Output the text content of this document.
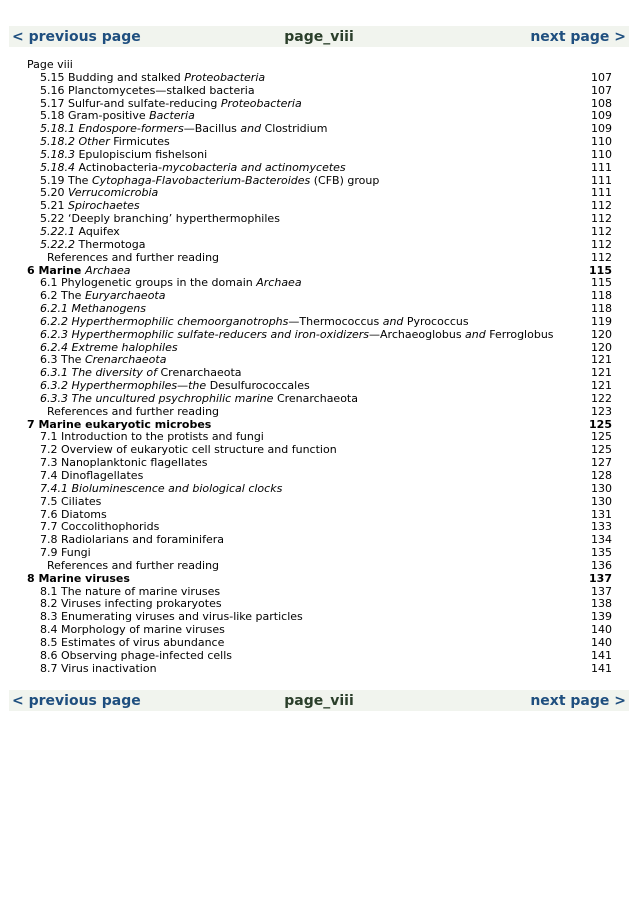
< previous page	page_viii	next page >
Page viii
5.15 Budding and stalked Proteobacteria	107
5.16 Planctomycetes—stalked bacteria	107
5.17 Sulfur-and sulfate-reducing Proteobacteria	108
5.18 Gram-positive Bacteria	109
5.18.1 Endospore-formers—Bacillus and Clostridium	109
5.18.2 Other Firmicutes	110
5.18.3 Epulopiscium fishelsoni	110
5.18.4 Actinobacteria-mycobacteria and actinomycetes	111
5.19 The Cytophaga-Flavobacterium-Bacteroides (CFB) group	111
5.20 Verrucomicrobia	111
5.21 Spirochaetes	112
5.22 ‘Deeply branching’ hyperthermophiles	112
5.22.1 Aquifex	112
5.22.2 Thermotoga	112
References and further reading	112
6 Marine Archaea	115
6.1 Phylogenetic groups in the domain Archaea	115
6.2 The Euryarchaeota	118
6.2.1 Methanogens	118
6.2.2 Hyperthermophilic chemoorganotrophs—Thermococcus and Pyrococcus	119
6.2.3 Hyperthermophilic sulfate-reducers and iron-oxidizers—Archaeoglobus and Ferroglobus	120
6.2.4 Extreme halophiles	120
6.3 The Crenarchaeota	121
6.3.1 The diversity of Crenarchaeota	121
6.3.2 Hyperthermophiles—the Desulfurococcales	121
6.3.3 The uncultured psychrophilic marine Crenarchaeota	122
References and further reading	123
7 Marine eukaryotic microbes	125
7.1 Introduction to the protists and fungi	125
7.2 Overview of eukaryotic cell structure and function	125
7.3 Nanoplanktonic flagellates	127
7.4 Dinoflagellates	128
7.4.1 Bioluminescence and biological clocks	130
7.5 Ciliates	130
7.6 Diatoms	131
7.7 Coccolithophorids	133
7.8 Radiolarians and foraminifera	134
7.9 Fungi	135
References and further reading	136
8 Marine viruses	137
8.1 The nature of marine viruses	137
8.2 Viruses infecting prokaryotes	138
8.3 Enumerating viruses and virus-like particles	139
8.4 Morphology of marine viruses	140
8.5 Estimates of virus abundance	140
8.6 Observing phage-infected cells	141
8.7 Virus inactivation	141
< previous page	page_viii	next page >
